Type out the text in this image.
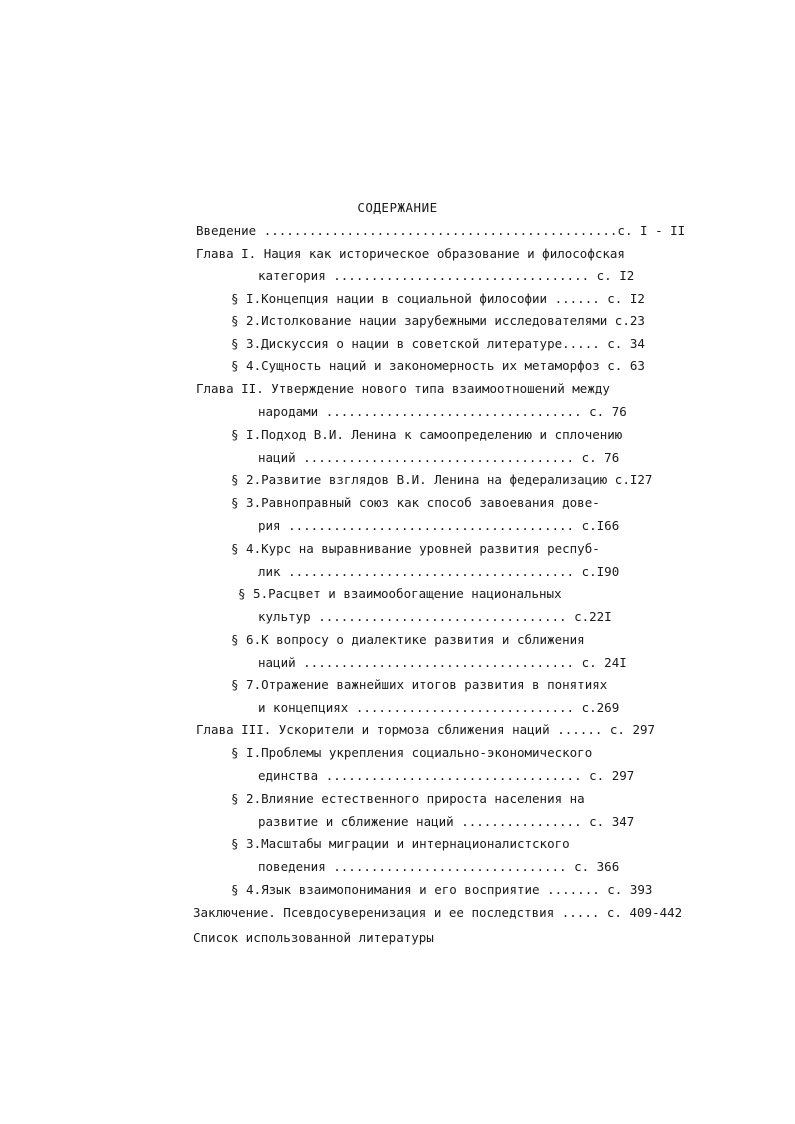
СОДЕРЖАНИЕ
Введение ...............................................с. I - II
Глава I. Нация как историческое образование и философская
категория .................................. с. I2
§ I.Концепция нации в социальной философии ...... с. I2
§ 2.Истолкование нации зарубежными исследователями с.23
§ 3.Дискуссия о нации в советской литературе..... с. 34
§ 4.Сущность наций и закономерность их метаморфоз с. 63
Глава II. Утверждение нового типа взаимоотношений между
народами .................................. с. 76
§ I.Подход В.И. Ленина к самоопределению и сплочению
наций .................................... с. 76
§ 2.Развитие взглядов В.И. Ленина на федерализацию с.I27
§ 3.Равноправный союз как способ завоевания дове-
рия ...................................... с.I66
§ 4.Курс на выравнивание уровней развития респуб-
лик ...................................... с.I90
§ 5.Расцвет и взаимообогащение национальных
культур ................................. с.22I
§ 6.К вопросу о диалектике развития и сближения
наций .................................... с. 24I
§ 7.Отражение важнейших итогов развития в понятиях
и концепциях ............................. с.269
Глава III. Ускорители и тормоза сближения наций ...... с. 297
§ I.Проблемы укрепления социально-экономического
единства .................................. с. 297
§ 2.Влияние естественного прироста населения на
развитие и сближение наций ................ с. 347
§ 3.Масштабы миграции и интернационалистского
поведения ............................... с. 366
§ 4.Язык взаимопонимания и его восприятие ....... с. 393
Заключение. Псевдосуверенизация и ее последствия ..... с. 409-442
Список использованной литературы
